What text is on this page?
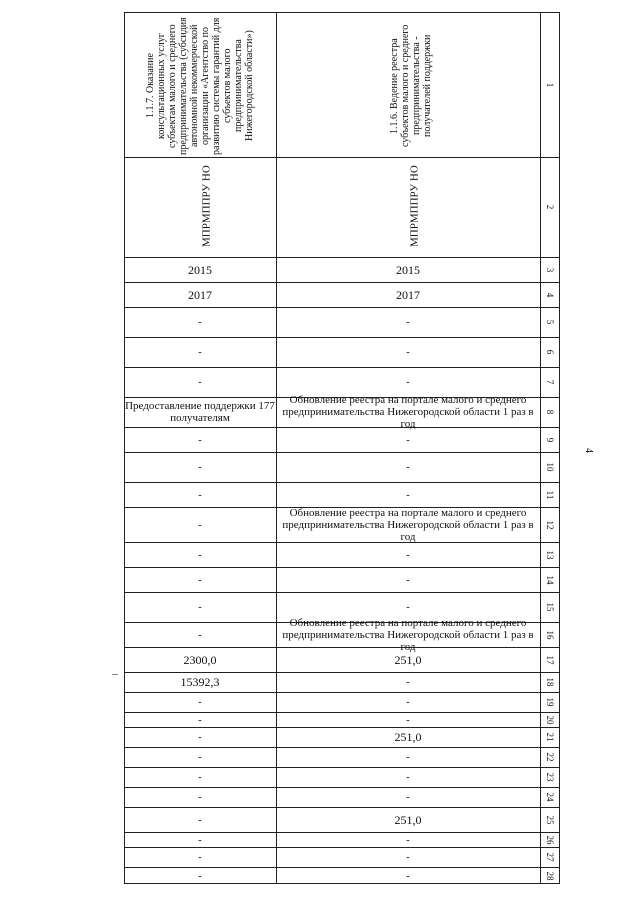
1
2
3
4
5
6
7
8
9
10
11
12
13
14
15
16
17
18
19
20
21
22
23
24
25
26
27
28
2015
2017
-
-
-
Обновление реестра на портале малого и среднего предпринимательства Нижегородской области 1 раз в год
-
-
-
Обновление реестра на портале малого и среднего предпринимательства Нижегородской области 1 раз в год
-
-
-
Обновление реестра на портале малого и среднего предпринимательства Нижегородской области 1 раз в год
251,0
-
-
-
251,0
-
-
-
251,0
-
-
-
2015
2017
-
-
-
Предоставление поддержки 177 получателям
-
-
-
-
-
-
-
-
2300,0
15392,3
-
-
-
-
-
-
-
-
-
-
1.1.6. Ведение реестра субъектов малого и среднего предпринимательства - получателей поддержки
1.1.7. Оказание консультационных услуг субъектам малого и среднего предпринимательства (субсидия автономной некоммерческой организации «Агентство по развитию системы гарантий для субъектов малого предпринимательства Нижегородской области»)
МПРМППРУ НО
МПРМППРУ НО
4
